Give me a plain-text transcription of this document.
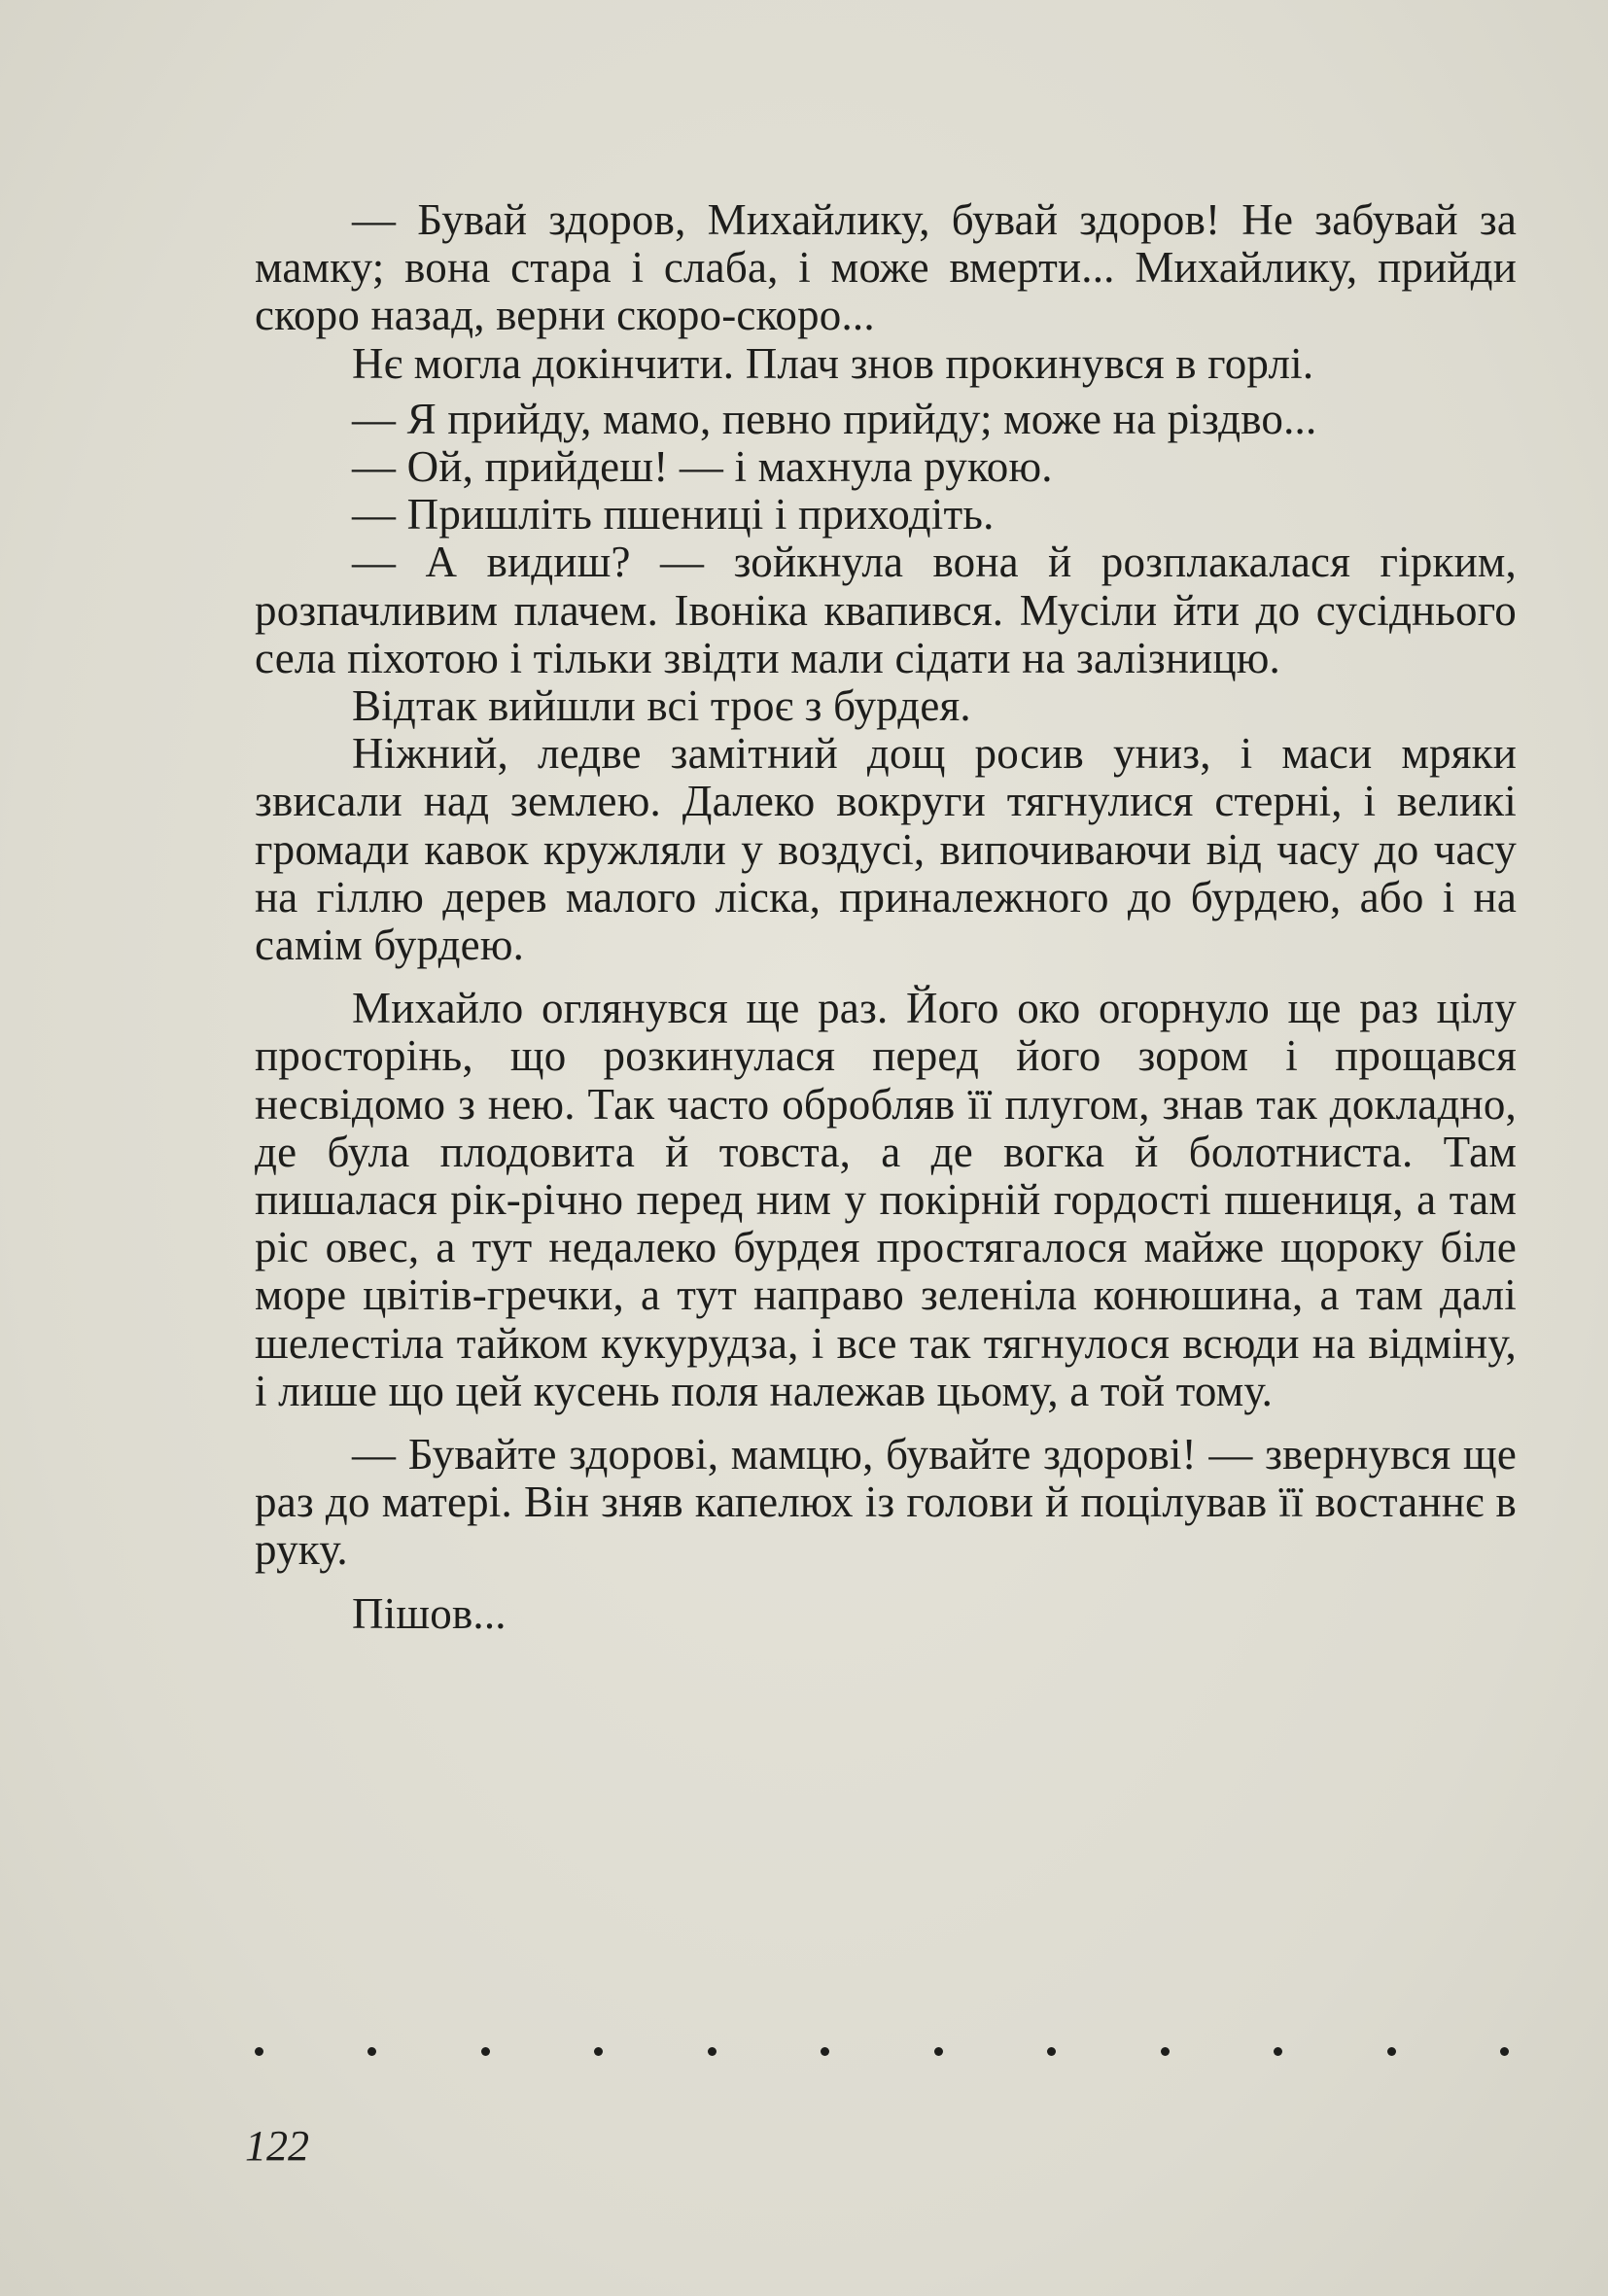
— Бувай здоров, Михайлику, бувай здоров! Не забувай за мамку; вона стара і слаба, і може вмерти... Михайлику, прийди скоро назад, верни скоро-скоро...

Нє могла докінчити. Плач знов прокинувся в горлі.

— Я прийду, мамо, певно прийду; може на різдво...

— Ой, прийдеш! — і махнула рукою.

— Пришліть пшениці і приходіть.

— А видиш? — зойкнула вона й розплакалася гірким, розпачливим плачем. Івоніка квапився. Мусіли йти до сусіднього села піхотою і тільки звідти мали сідати на залізницю.

Відтак вийшли всі троє з бурдея.

Ніжний, ледве замітний дощ росив униз, і маси мряки звисали над землею. Далеко вокруги тягнулися стерні, і великі громади кавок кружляли у воздусі, випочиваючи від часу до часу на гіллю дерев малого ліска, приналежного до бурдею, або і на самім бурдею.

Михайло оглянувся ще раз. Його око огорнуло ще раз цілу просторінь, що розкинулася перед його зором і прощався несвідомо з нею. Так часто обробляв її плугом, знав так докладно, де була плодовита й товста, а де вогка й болотниста. Там пишалася рік-річно перед ним у покірній гордості пшениця, а там ріс овес, а тут недалеко бурдея простягалося майже щороку біле море цвітів-гречки, а тут направо зеленіла конюшина, а там далі шелестіла тайком кукурудза, і все так тягнулося всюди на відміну, і лише що цей кусень поля належав цьому, а той тому.

— Бувайте здорові, мамцю, бувайте здорові! — звернувся ще раз до матері. Він зняв капелюх із голови й поцілував її востаннє в руку.

Пішов...

122
